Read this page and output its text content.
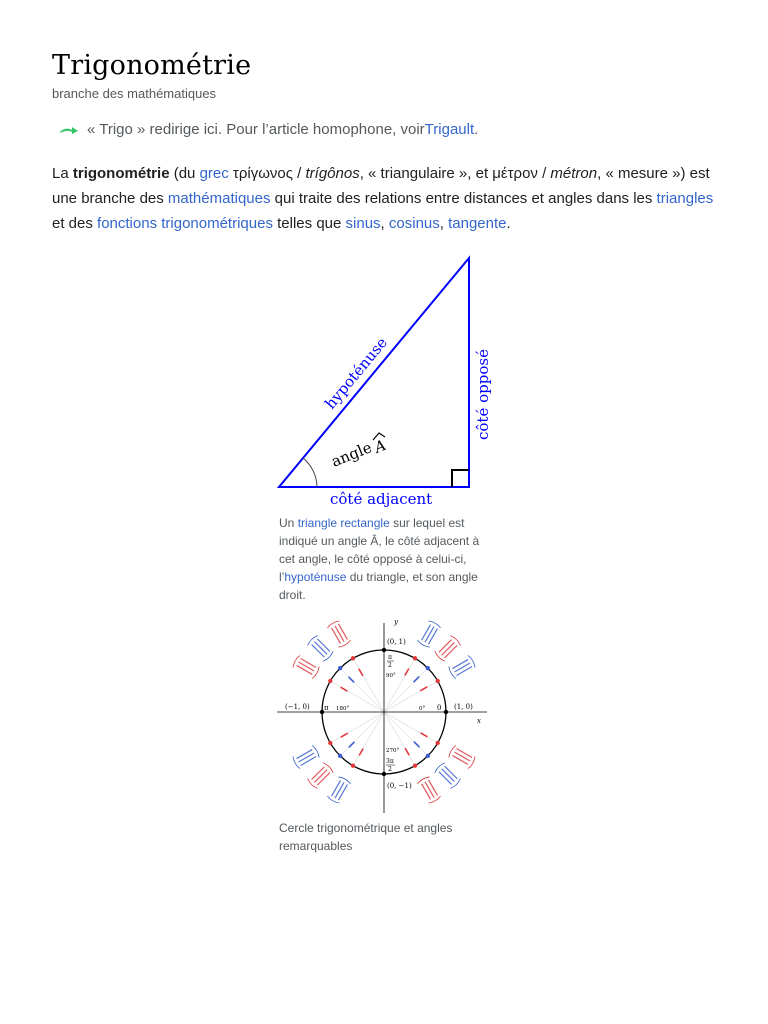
Trigonométrie
branche des mathématiques
« Trigo » redirige ici. Pour l’article homophone, voir Trigault .

La trigonométrie (du grec τρίγωνος / trígônos, « triangulaire », et μέτρον / métron, « mesure ») est une branche des mathématiques qui traite des relations entre distances et angles dans les triangles et des fonctions trigonométriques telles que sinus, cosinus, tangente.

angle
A
hypoténuse	côté opposé
côté adjacent
Un triangle rectangle sur lequel est indiqué un angle Â, le côté adjacent à cet angle, le côté opposé à celui-ci, l’hypoténuse du triangle, et son angle droit.
y
x
(0, 1)
(0, −1)
(−1, 0)	(1, 0)
π	0
0°
90°
180°
270°
π
2
3π
2
Cercle trigonométrique et angles remarquables
